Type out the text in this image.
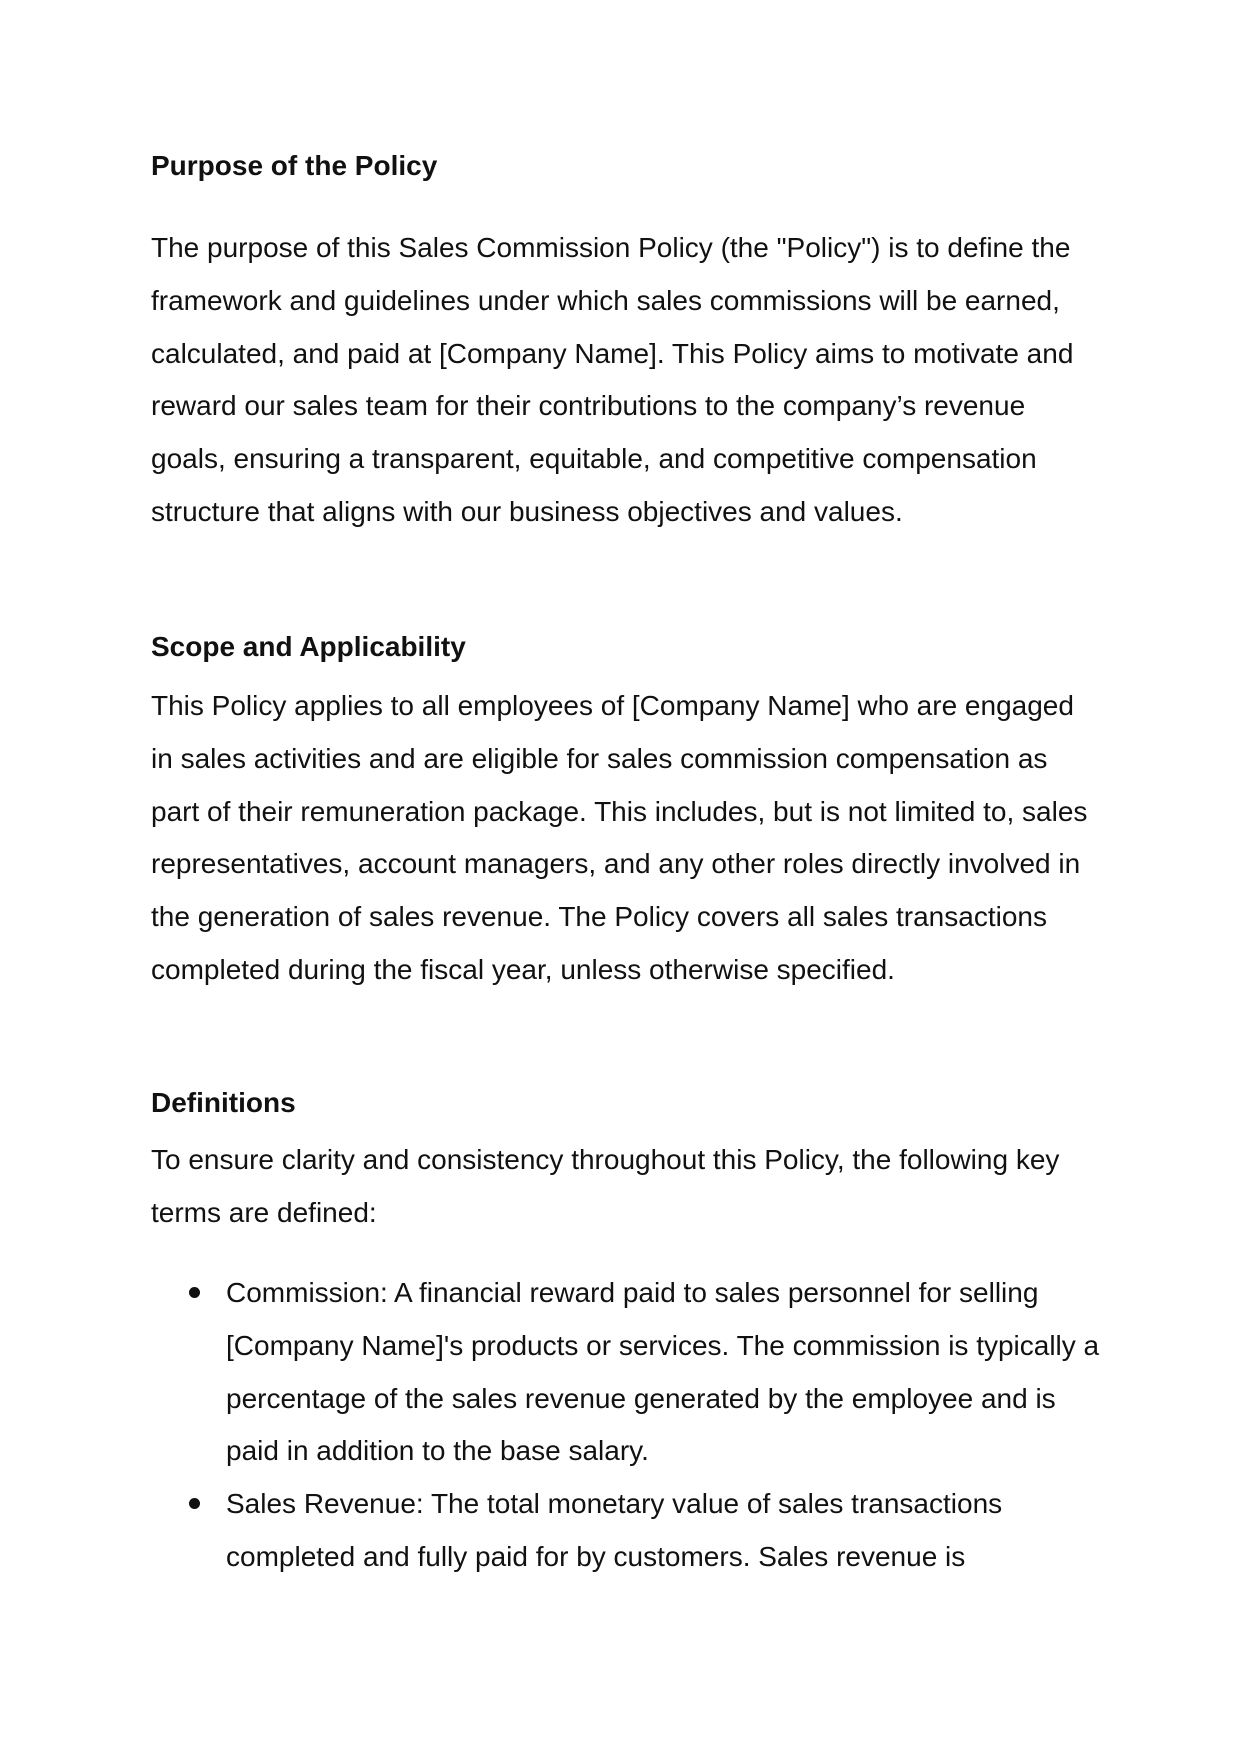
Purpose of the Policy

The purpose of this Sales Commission Policy (the "Policy") is to define the framework and guidelines under which sales commissions will be earned, calculated, and paid at [Company Name]. This Policy aims to motivate and reward our sales team for their contributions to the company’s revenue goals, ensuring a transparent, equitable, and competitive compensation structure that aligns with our business objectives and values.

Scope and Applicability

This Policy applies to all employees of [Company Name] who are engaged in sales activities and are eligible for sales commission compensation as part of their remuneration package. This includes, but is not limited to, sales representatives, account managers, and any other roles directly involved in the generation of sales revenue. The Policy covers all sales transactions completed during the fiscal year, unless otherwise specified.

Definitions

To ensure clarity and consistency throughout this Policy, the following key terms are defined:

Commission: A financial reward paid to sales personnel for selling [Company Name]'s products or services. The commission is typically a percentage of the sales revenue generated by the employee and is paid in addition to the base salary.
Sales Revenue: The total monetary value of sales transactions completed and fully paid for by customers. Sales revenue is
